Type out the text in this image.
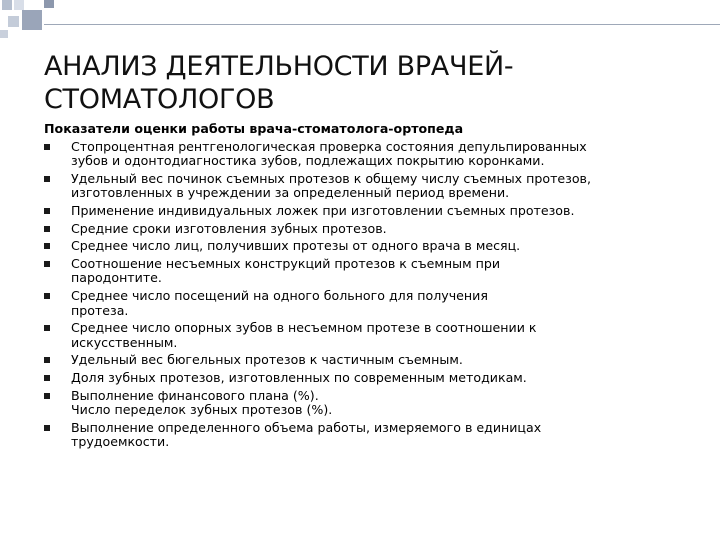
АНАЛИЗ ДЕЯТЕЛЬНОСТИ ВРАЧЕЙ-
СТОМАТОЛОГОВ
Показатели оценки работы врача-стоматолога-ортопеда
Стопроцентная рентгенологическая проверка состояния депульпированных
зубов и одонтодиагностика зубов, подлежащих покрытию коронками.
Удельный вес починок съемных протезов к общему числу съемных протезов,
изготовленных в учреждении за определенный период времени.
Применение индивидуальных ложек при изготовлении съемных протезов.
Средние сроки изготовления зубных протезов.
Среднее число лиц, получивших протезы от одного врача в месяц.
Соотношение несъемных конструкций протезов к съемным при
пародонтите.
Среднее число посещений на одного больного для получения
протеза.
Среднее число опорных зубов в несъемном протезе в соотношении к
искусственным.
Удельный вес бюгельных протезов к частичным съемным.
Доля зубных протезов, изготовленных по современным методикам.
Выполнение финансового плана (%).
Число переделок зубных протезов (%).
Выполнение определенного объема работы, измеряемого в единицах
трудоемкости.
